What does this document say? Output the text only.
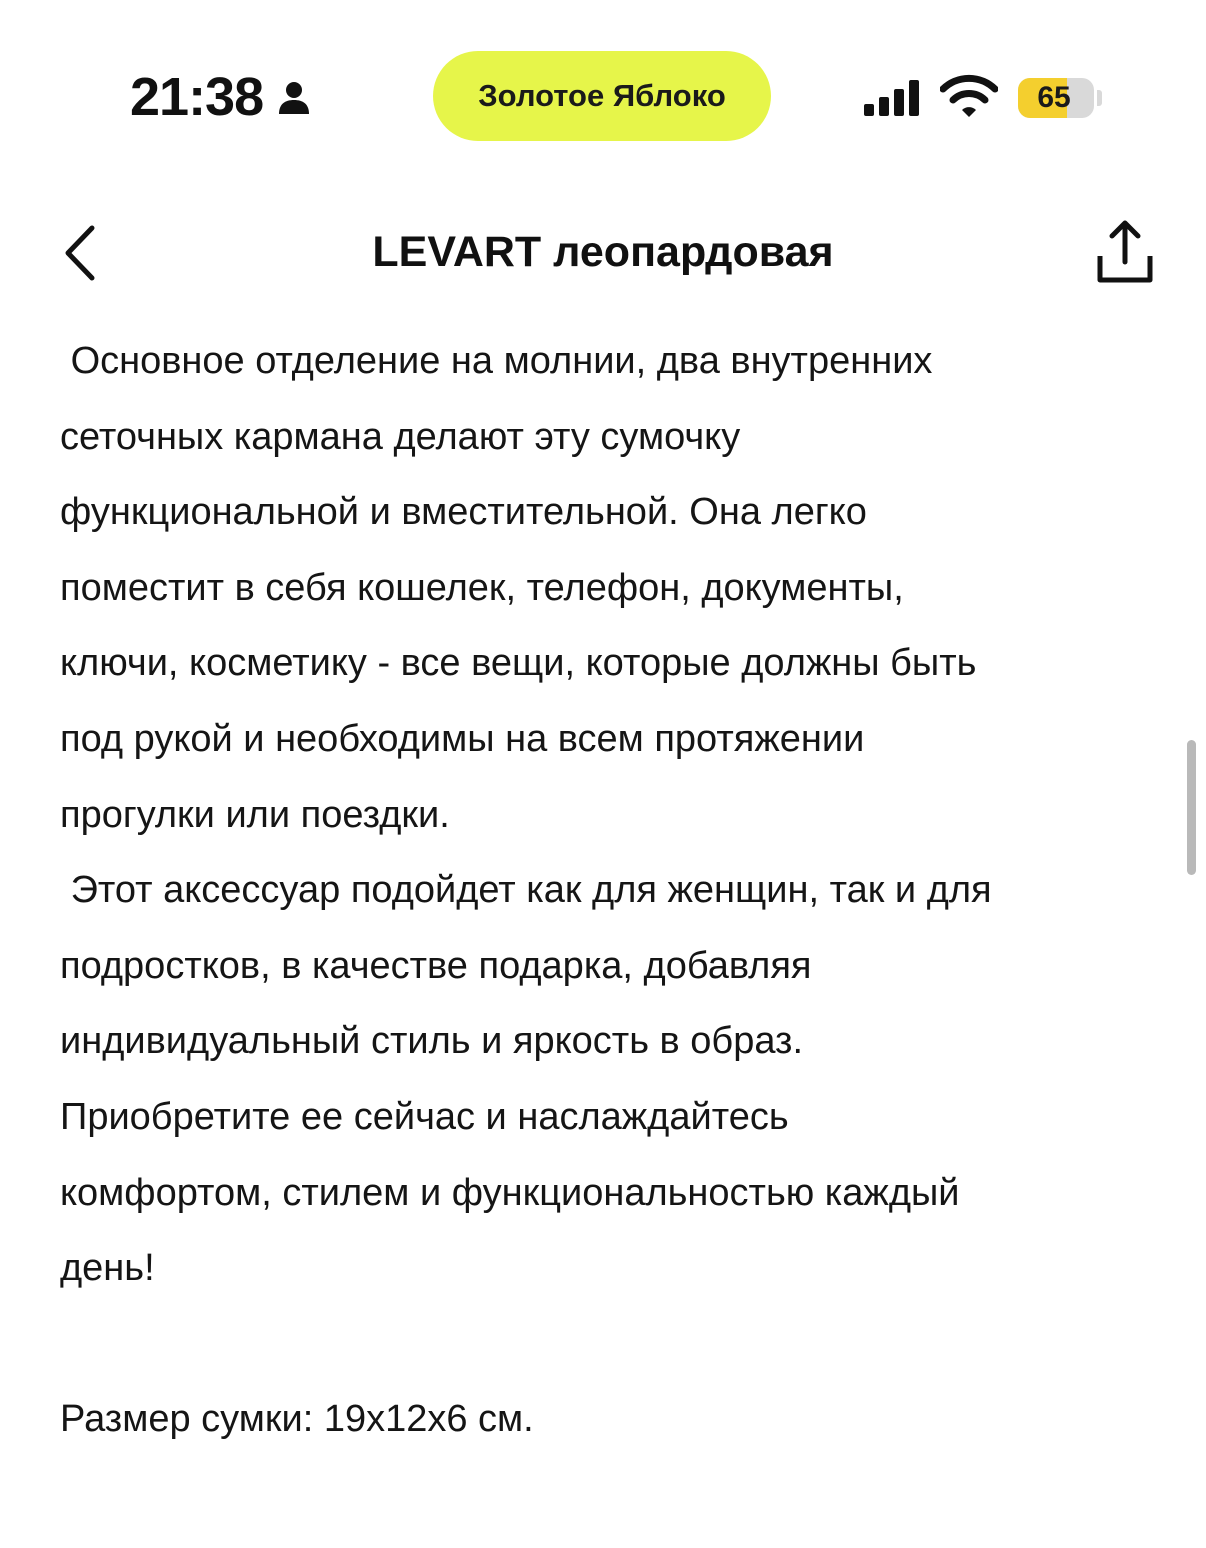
21:38	Золотое Яблоко	65
LEVART леопардовая

Основное отделение на молнии, два внутренних

сеточных кармана делают эту сумочку

функциональной и вместительной. Она легко

поместит в себя кошелек, телефон, документы,

ключи, косметику - все вещи, которые должны быть

под рукой и необходимы на всем протяжении

прогулки или поездки.

Этот аксессуар подойдет как для женщин, так и для

подростков, в качестве подарка, добавляя

индивидуальный стиль и яркость в образ.

Приобретите ее сейчас и наслаждайтесь

комфортом, стилем и функциональностью каждый

день!

Размер сумки: 19x12x6 см.
